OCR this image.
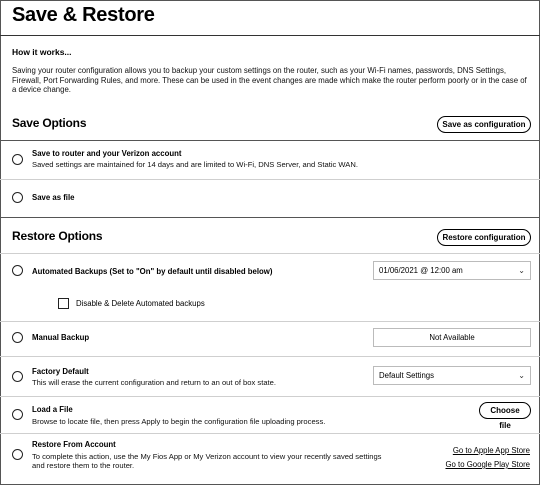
Save & Restore
How it works...
Saving your router configuration allows you to backup your custom settings on the router, such as your Wi-Fi names, passwords, DNS Settings, Firewall, Port Forwarding Rules, and more. These can be used in the event changes are made which make the router perform poorly or in the case of a device change.
Save Options	Save as configuration
Save to router and your Verizon account
Saved settings are maintained for 14 days and are limited to Wi-Fi, DNS Server, and Static WAN.
Save as file
Restore Options	Restore configuration
Automated Backups (Set to "On" by default until disabled below)	01/06/2021 @ 12:00 am	⌄
Disable & Delete Automated backups
Manual Backup	Not Available
Factory Default
This will erase the current configuration and return to an out of box state.
Default Settings	⌄
Load a File
Browse to locate file, then press Apply to begin the configuration file uploading process.
Choose file
Restore From Account
To complete this action, use the My Fios App or My Verizon account to view your recently saved settings
and restore them to the router.
Go to Apple App Store
Go to Google Play Store
